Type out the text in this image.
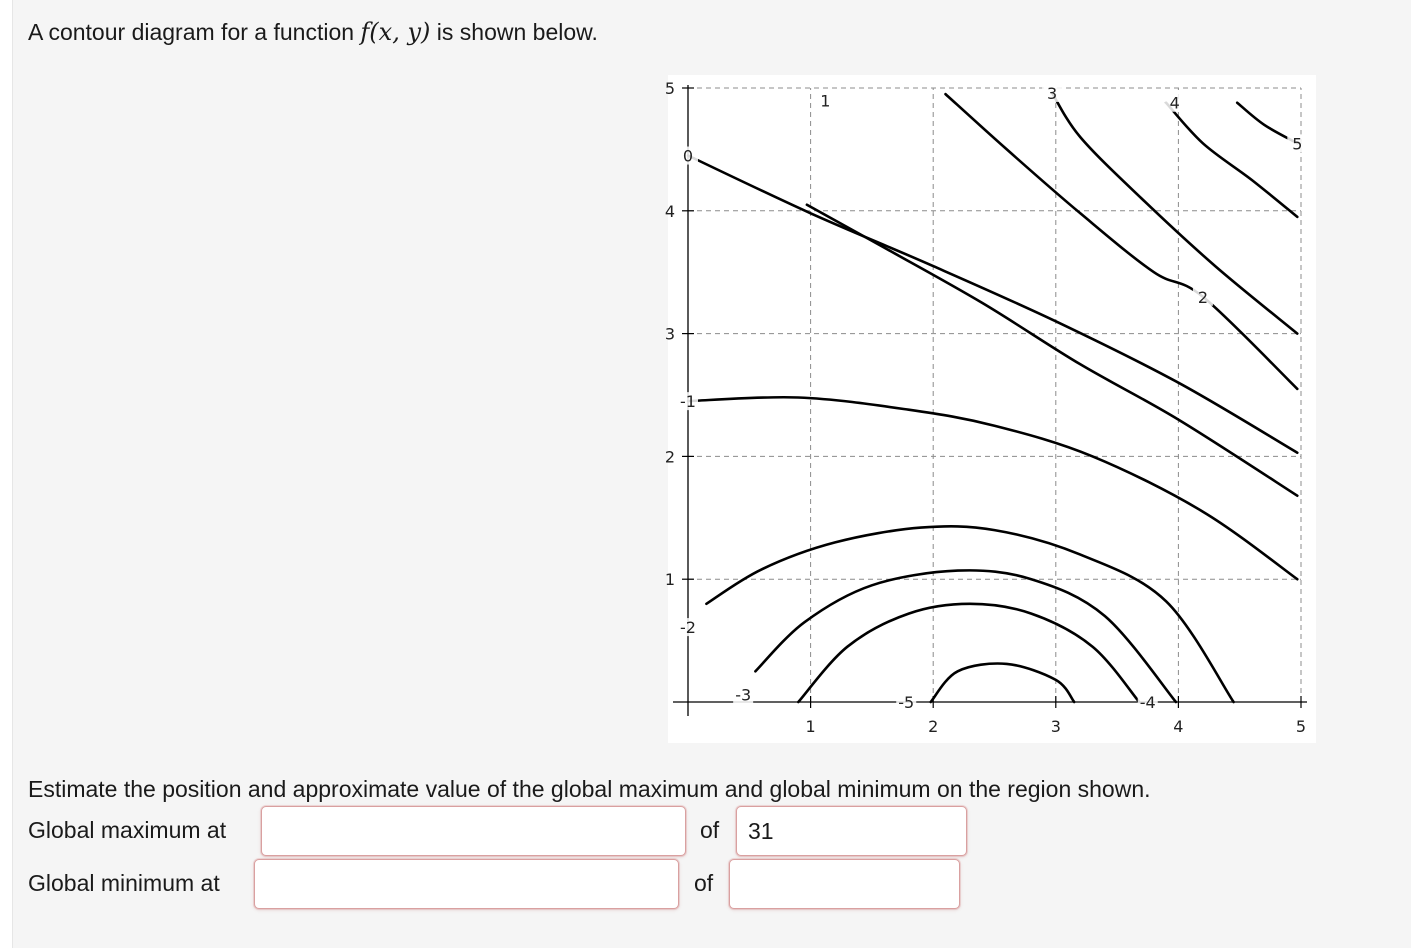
A contour diagram for a function f(x, y) is shown below.
1	2	3	4	5
1
2
3
4
5
0
1
2
3
4
5
-1
-2
-3	-4
-5
Estimate the position and approximate value of the global maximum and global minimum on the region shown.
Global maximum at	of
31
Global minimum at	of
